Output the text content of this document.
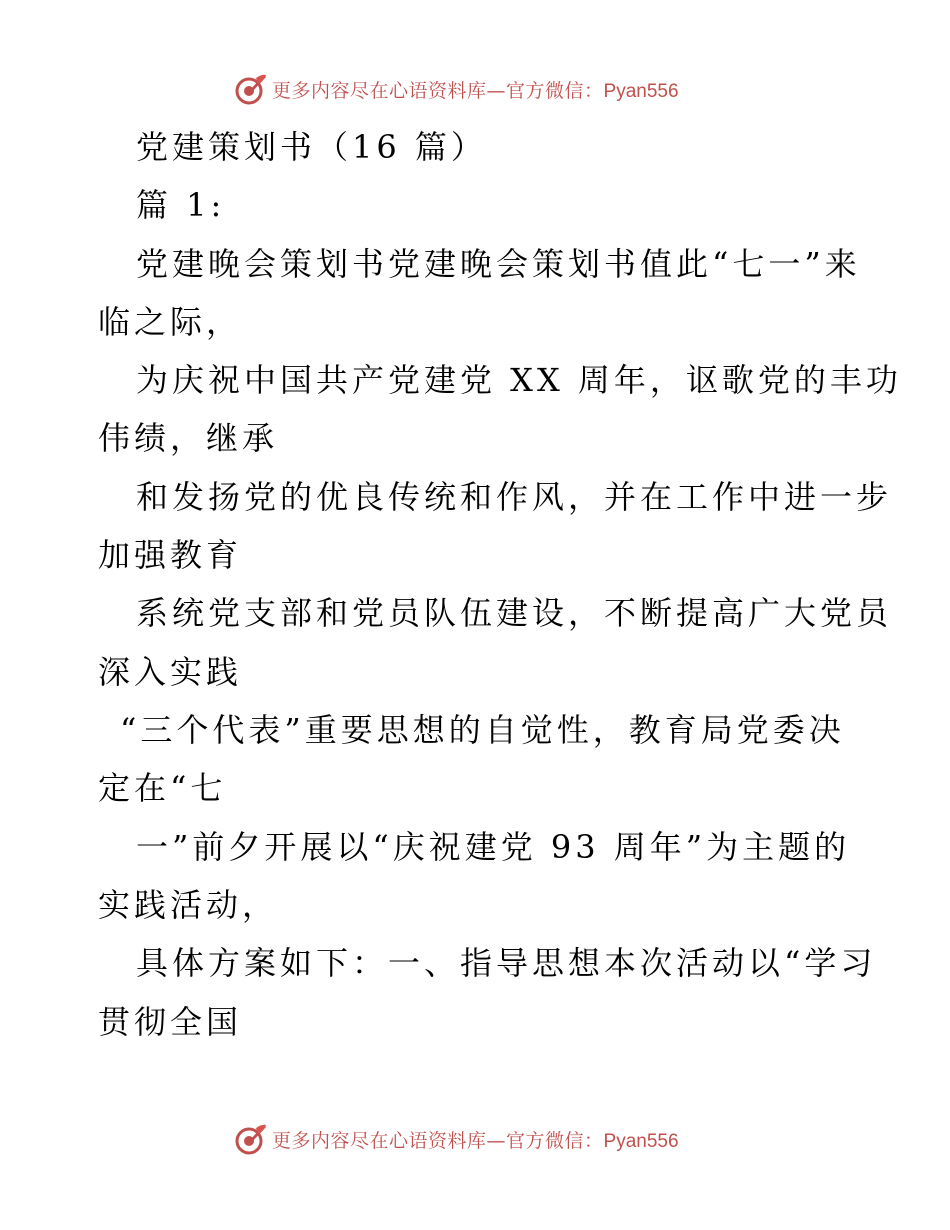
更多内容尽在心语资料库—官方微信：Pyan556
党建策划书（16 篇）
篇 1:
党建晚会策划书党建晚会策划书值此“七一”来
临之际，
为庆祝中国共产党建党 XX 周年，讴歌党的丰功
伟绩，继承
和发扬党的优良传统和作风，并在工作中进一步
加强教育
系统党支部和党员队伍建设，不断提高广大党员
深入实践
“三个代表”重要思想的自觉性，教育局党委决
定在“七
一”前夕开展以“庆祝建党 93 周年”为主题的
实践活动，
具体方案如下：一、指导思想本次活动以“学习
贯彻全国
更多内容尽在心语资料库—官方微信：Pyan556
